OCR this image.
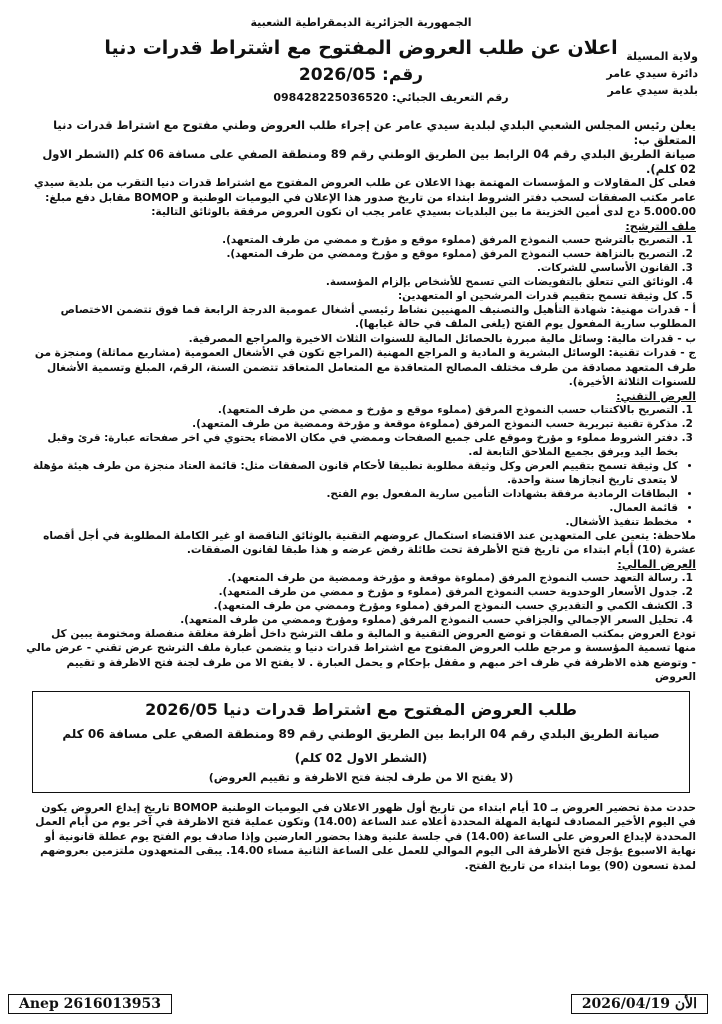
ولاية المسيلة
دائرة سيدي عامر
بلدية سيدي عامر
الجمهورية الجزائرية الديمقراطية الشعبية
اعلان عن طلب العروض المفتوح مع اشتراط قدرات دنيا
رقم: 2026/05
رقم التعريف الجبائي: 098428225036520

يعلن رئيس المجلس الشعبي البلدي لبلدية سيدي عامر عن إجراء طلب العروض وطني مفتوح مع اشتراط قدرات دنيا المتعلق ب:

صيانة الطريق البلدي رقم 04 الرابط بين الطريق الوطني رقم 89 ومنطقة الصفي على مسافة 06 كلم (الشطر الاول 02 كلم).

فعلى كل المقاولات و المؤسسات المهتمة بهذا الاعلان عن طلب العروض المفتوح مع اشتراط قدرات دنيا التقرب من بلدية سيدي عامر مكتب الصفقات لسحب دفتر الشروط ابتداء من تاريخ صدور هذا الإعلان في اليوميات الوطنية و BOMOP مقابل دفع مبلغ: 5.000.00 دج لدى أمين الخزينة ما بين البلديات بسيدي عامر يجب ان تكون العروض مرفقة بالوثائق التالية:

ملف الترشح:
1. التصريح بالترشح حسب النموذج المرفق (مملوء موقع و مؤرخ و ممضي من طرف المتعهد).
2. التصريح بالنزاهة حسب النموذج المرفق (مملوء موقع و مؤرخ وممضي من طرف المتعهد).
3. القانون الأساسي للشركات.
4. الوثائق التي تتعلق بالتفويضات التي تسمح للأشخاص بإلزام المؤسسة.
5. كل وثيقة تسمح بتقييم قدرات المرشحين او المتعهدين:

أ - قدرات مهنية: شهادة التأهيل والتصنيف المهنيين نشاط رئيسي أشغال عمومية الدرجة الرابعة فما فوق تتضمن الاختصاص المطلوب سارية المفعول يوم الفتح (يلغى الملف في حالة غيابها).

ب - قدرات مالية: وسائل مالية مبررة بالحصائل المالية للسنوات الثلاث الاخيرة والمراجع المصرفية.

ج - قدرات تقنية: الوسائل البشرية و المادية و المراجع المهنية (المراجع تكون في الأشغال العمومية (مشاريع مماثلة) ومنجزة من طرف المتعهد مصادقة من طرف مختلف المصالح المتعاقدة مع المتعامل المتعاقد تتضمن السنة، الرقم، المبلغ وتسمية الأشغال للسنوات الثلاثة الأخيرة).

العرض التقني:
1. التصريح بالاكتتاب حسب النموذج المرفق (مملوء موقع و مؤرخ و ممضي من طرف المتعهد).
2. مذكرة تقنية تبريرية حسب النموذج المرفق (مملوءة موقعة و مؤرخة وممضية من طرف المتعهد).
3. دفتر الشروط مملوء و مؤرخ وموقع على جميع الصفحات وممضي في مكان الامضاء يحتوي في اخر صفحاته عبارة: قرئ وقبل بخط اليد ويرفق بجميع الملاحق التابعة له.
• كل وثيقة تسمح بتقييم العرض وكل وثيقة مطلوبة تطبيقا لأحكام قانون الصفقات مثل: قائمة العتاد منجزة من طرف هيئة مؤهلة لا يتعدى تاريخ انجازها سنة واحدة.
• البطاقات الرمادية مرفقة بشهادات التأمين سارية المفعول يوم الفتح.
• قائمة العمال.
• مخطط تنفيذ الأشغال.

ملاحظة: يتعين على المتعهدين عند الاقتضاء استكمال عروضهم التقنية بالوثائق الناقصة او غير الكاملة المطلوبة في أجل أقصاه عشرة (10) أيام ابتداء من تاريخ فتح الأظرفة تحت طائلة رفض عرضه و هذا طبقا لقانون الصفقات.

العرض المالي:
1. رسالة التعهد حسب النموذج المرفق (مملوءة موقعة و مؤرخة وممضية من طرف المتعهد).
2. جدول الأسعار الوحدوية حسب النموذج المرفق (مملوء و مؤرخ و ممضي من طرف المتعهد).
3. الكشف الكمي و التقديري حسب النموذج المرفق (مملوء ومؤرخ وممضي من طرف المتعهد).
4. تحليل السعر الإجمالي والجزافي حسب النموذج المرفق (مملوء ومؤرخ وممضي من طرف المتعهد).

تودع العروض بمكتب الصفقات و توضع العروض التقنية و المالية و ملف الترشح داخل أظرفة مغلقة منفصلة ومختومة يبين كل منها تسمية المؤسسة و مرجع طلب العروض المفتوح مع اشتراط قدرات دنيا و يتضمن عبارة ملف الترشح عرض تقني - عرض مالي - وتوضع هذه الاظرفة في ظرف اخر مبهم و مقفل بإحكام و يحمل العبارة . لا يفتح الا من طرف لجنة فتح الاظرفة و تقييم العروض

طلب العروض المفتوح مع اشتراط قدرات دنيا 2026/05
صيانة الطريق البلدي رقم 04 الرابط بين الطريق الوطني رقم 89 ومنطقة الصفي على مسافة 06 كلم
(الشطر الاول 02 كلم)
(لا يفتح الا من طرف لجنة فتح الاظرفة و تقييم العروض)

حددت مدة تحضير العروض بـ 10 أيام ابتداء من تاريخ أول ظهور الاعلان في اليوميات الوطنية BOMOP تاريخ إيداع العروض يكون في اليوم الأخير المصادف لنهاية المهلة المحددة أعلاه عند الساعة (14.00) وتكون عملية فتح الاظرفة في آخر يوم من أيام العمل المحددة لإيداع العروض على الساعة (14.00) في جلسة علنية وهذا بحضور العارضين وإذا صادف يوم الفتح يوم عطلة قانونية أو نهاية الاسبوع يؤجل فتح الأظرفة الى اليوم الموالي للعمل على الساعة الثانية مساء 14.00. يبقى المتعهدون ملتزمين بعروضهم لمدة تسعون (90) يوما ابتداء من تاريخ الفتح.

Anep 2616013953	الأن 2026/04/19
